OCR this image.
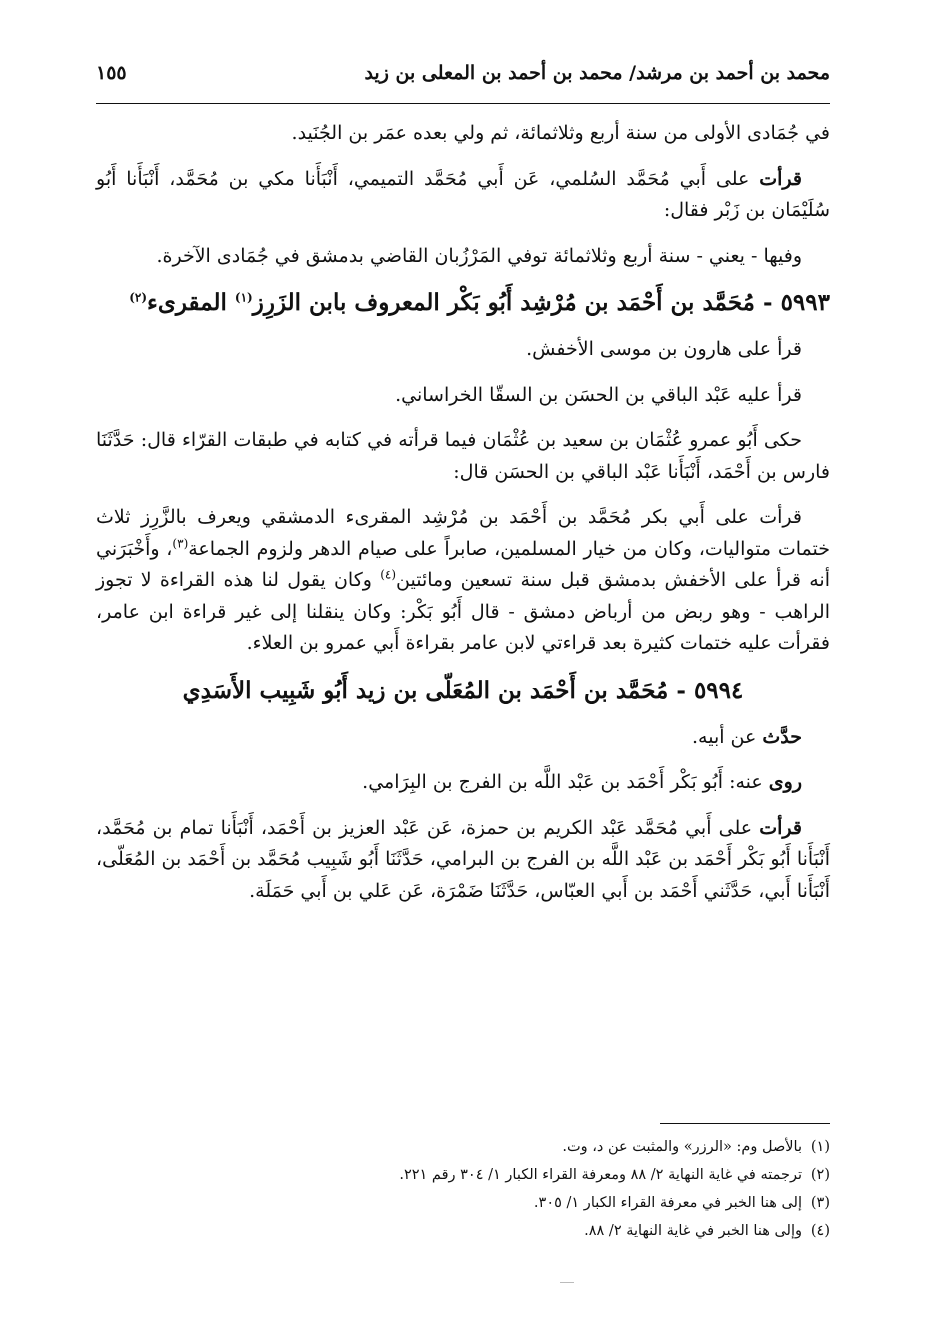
محمد بن أحمد بن مرشد/ محمد بن أحمد بن المعلى بن زيد
١٥٥

في جُمَادى الأولى من سنة أربع وثلاثمائة، ثم ولي بعده عمَر بن الجُنَيد.

قرأت على أَبي مُحَمَّد السُلمي، عَن أَبي مُحَمَّد التميمي، أَنْبَأَنا مكي بن مُحَمَّد، أَنْبَأَنا أَبُو سُلَيْمَان بن زَبْر فقال:

وفيها - يعني - سنة أربع وثلاثمائة توفي المَرْزُبان القاضي بدمشق في جُمَادى الآخرة.

٥٩٩٣ - مُحَمَّد بن أَحْمَد بن مُرْشِد أَبُو بَكْر المعروف بابن الزَرِز$^{(١)}$ المقرىء$^{(٢)}$

قرأ على هارون بن موسى الأخفش.

قرأ عليه عَبْد الباقي بن الحسَن بن السقّا الخراساني.

حكى أَبُو عمرو عُثْمَان بن سعيد بن عُثْمَان فيما قرأته في كتابه في طبقات القرّاء قال: حَدَّثَنَا فارس بن أَحْمَد، أَنْبَأَنا عَبْد الباقي بن الحسَن قال:

قرأت على أَبي بكر مُحَمَّد بن أَحْمَد بن مُرْشِد المقرىء الدمشقي ويعرف بالزَّرِز ثلاث ختمات متواليات، وكان من خيار المسلمين، صابراً على صيام الدهر ولزوم الجماعة$^{(٣)}$، وأَخْبَرَني أنه قرأ على الأخفش بدمشق قبل سنة تسعين ومائتين$^{(٤)}$ وكان يقول لنا هذه القراءة لا تجوز الراهب - وهو ربض من أرباض دمشق - قال أَبُو بَكْر: وكان ينقلنا إلى غير قراءة ابن عامر، فقرأت عليه ختمات كثيرة بعد قراءتي لابن عامر بقراءة أَبي عمرو بن العلاء.

٥٩٩٤ - مُحَمَّد بن أَحْمَد بن المُعَلّى بن زيد أَبُو شَبِيب الأَسَدِي

حدَّث عن أبيه.

روى عنه: أَبُو بَكْر أَحْمَد بن عَبْد اللَّه بن الفرج بن البِرَامي.

قرأت على أَبي مُحَمَّد عَبْد الكريم بن حمزة، عَن عَبْد العزيز بن أَحْمَد، أَنْبَأَنا تمام بن مُحَمَّد، أَنْبَأَنا أَبُو بَكْر أَحْمَد بن عَبْد اللَّه بن الفرج بن البرامي، حَدَّثَنَا أَبُو شَبِيب مُحَمَّد بن أَحْمَد بن المُعَلّى، أَنْبَأَنا أَبي، حَدَّثَني أَحْمَد بن أَبي العبّاس، حَدَّثَنَا ضَمْرَة، عَن عَلي بن أَبي حَمَلَة.

(١)بالأصل وم: «الرزر» والمثبت عن د، وت.
(٢)ترجمته في غاية النهاية ٢/ ٨٨ ومعرفة القراء الكبار ١/ ٣٠٤ رقم ٢٢١.
(٣)إلى هنا الخبر في معرفة القراء الكبار ١/ ٣٠٥.
(٤)وإلى هنا الخبر في غاية النهاية ٢/ ٨٨.
